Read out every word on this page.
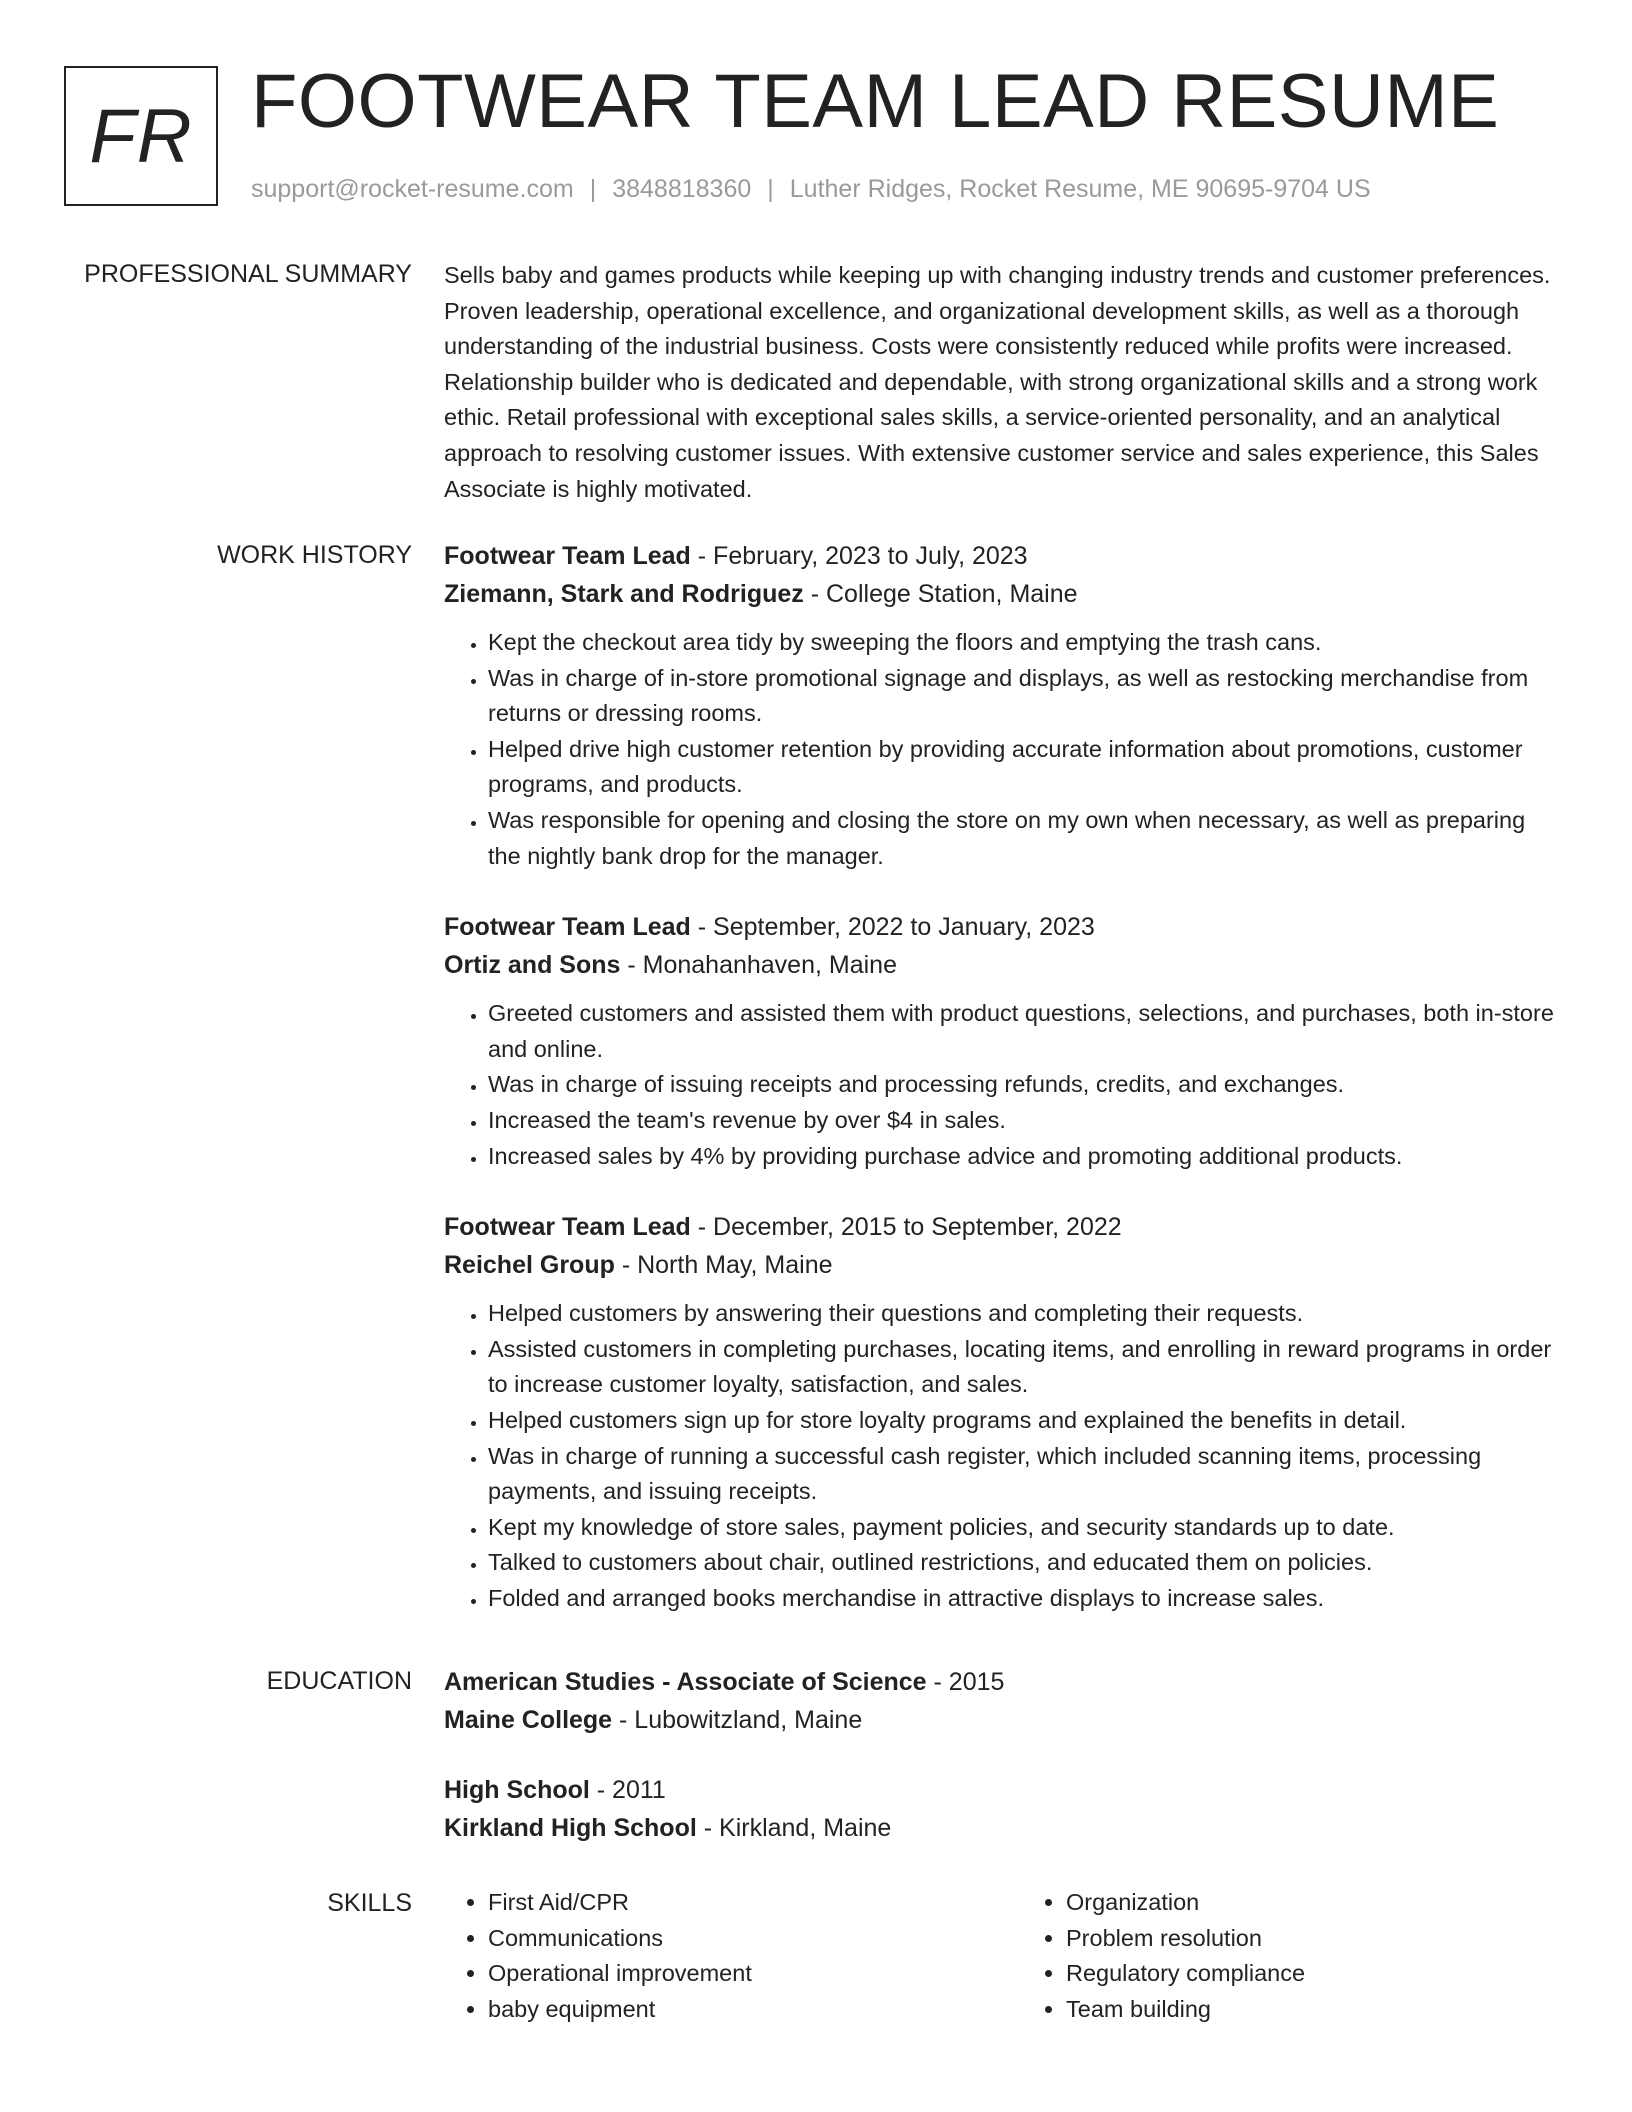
FR FOOTWEAR TEAM LEAD RESUME
support@rocket-resume.com | 3848818360 | Luther Ridges, Rocket Resume, ME 90695-9704 US
PROFESSIONAL SUMMARY Sells baby and games products while keeping up with changing industry trends and customer preferences. Proven leadership, operational excellence, and organizational development skills, as well as a thorough understanding of the industrial business. Costs were consistently reduced while profits were increased. Relationship builder who is dedicated and dependable, with strong organizational skills and a strong work ethic. Retail professional with exceptional sales skills, a service-oriented personality, and an analytical approach to resolving customer issues. With extensive customer service and sales experience, this Sales Associate is highly motivated.

WORK HISTORY Footwear Team Lead - February, 2023 to July, 2023
Ziemann, Stark and Rodriguez - College Station, Maine
• Kept the checkout area tidy by sweeping the floors and emptying the trash cans.
• Was in charge of in-store promotional signage and displays, as well as restocking merchandise from returns or dressing rooms.
• Helped drive high customer retention by providing accurate information about promotions, customer programs, and products.
• Was responsible for opening and closing the store on my own when necessary, as well as preparing the nightly bank drop for the manager.
Footwear Team Lead - September, 2022 to January, 2023
Ortiz and Sons - Monahanhaven, Maine
• Greeted customers and assisted them with product questions, selections, and purchases, both in-store and online.
• Was in charge of issuing receipts and processing refunds, credits, and exchanges.
• Increased the team's revenue by over $4 in sales.
• Increased sales by 4% by providing purchase advice and promoting additional products.
Footwear Team Lead - December, 2015 to September, 2022
Reichel Group - North May, Maine
• Helped customers by answering their questions and completing their requests.
• Assisted customers in completing purchases, locating items, and enrolling in reward programs in order to increase customer loyalty, satisfaction, and sales.
• Helped customers sign up for store loyalty programs and explained the benefits in detail.
• Was in charge of running a successful cash register, which included scanning items, processing payments, and issuing receipts.
• Kept my knowledge of store sales, payment policies, and security standards up to date.
• Talked to customers about chair, outlined restrictions, and educated them on policies.
• Folded and arranged books merchandise in attractive displays to increase sales.
EDUCATION American Studies - Associate of Science - 2015
Maine College - Lubowitzland, Maine
High School - 2011
Kirkland High School - Kirkland, Maine
SKILLS
•	First Aid/CPR
• Communications
• Operational improvement
• baby equipment
• Organization
• Problem resolution
• Regulatory compliance
• Team building
